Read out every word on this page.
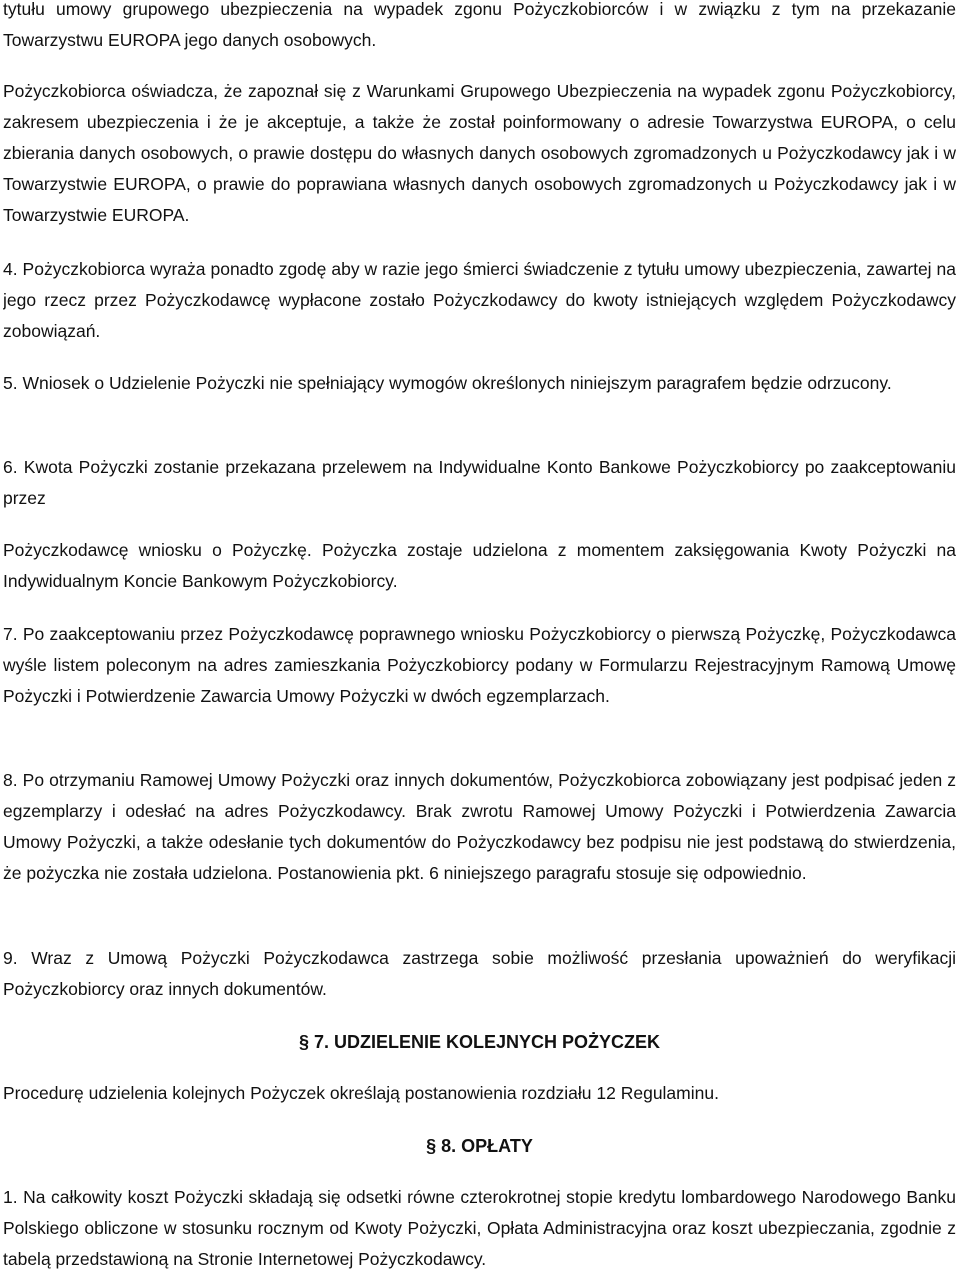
tytułu umowy grupowego ubezpieczenia na wypadek zgonu Pożyczkobiorców i w związku z tym na przekazanie Towarzystwu EUROPA jego danych osobowych.

Pożyczkobiorca oświadcza, że zapoznał się z Warunkami Grupowego Ubezpieczenia na wypadek zgonu Pożyczkobiorcy, zakresem ubezpieczenia i że je akceptuje, a także że został poinformowany o adresie Towarzystwa EUROPA, o celu zbierania danych osobowych, o prawie dostępu do własnych danych osobowych zgromadzonych u Pożyczkodawcy jak i w Towarzystwie EUROPA, o prawie do poprawiana własnych danych osobowych zgromadzonych u Pożyczkodawcy jak i w Towarzystwie EUROPA.

4. Pożyczkobiorca wyraża ponadto zgodę aby w razie jego śmierci świadczenie z tytułu umowy ubezpieczenia, zawartej na jego rzecz przez Pożyczkodawcę wypłacone zostało Pożyczkodawcy do kwoty istniejących względem Pożyczkodawcy zobowiązań.

5. Wniosek o Udzielenie Pożyczki nie spełniający wymogów określonych niniejszym paragrafem będzie odrzucony.

6. Kwota Pożyczki zostanie przekazana przelewem na Indywidualne Konto Bankowe Pożyczkobiorcy po zaakceptowaniu przez

Pożyczkodawcę wniosku o Pożyczkę. Pożyczka zostaje udzielona z momentem zaksięgowania Kwoty Pożyczki na Indywidualnym Koncie Bankowym Pożyczkobiorcy.

7. Po zaakceptowaniu przez Pożyczkodawcę poprawnego wniosku Pożyczkobiorcy o pierwszą Pożyczkę, Pożyczkodawca wyśle listem poleconym na adres zamieszkania Pożyczkobiorcy podany w Formularzu Rejestracyjnym Ramową Umowę Pożyczki i Potwierdzenie Zawarcia Umowy Pożyczki w dwóch egzemplarzach.

8. Po otrzymaniu Ramowej Umowy Pożyczki oraz innych dokumentów, Pożyczkobiorca zobowiązany jest podpisać jeden z egzemplarzy i odesłać na adres Pożyczkodawcy. Brak zwrotu Ramowej Umowy Pożyczki i Potwierdzenia Zawarcia Umowy Pożyczki, a także odesłanie tych dokumentów do Pożyczkodawcy bez podpisu nie jest podstawą do stwierdzenia, że pożyczka nie została udzielona. Postanowienia pkt. 6 niniejszego paragrafu stosuje się odpowiednio.

9. Wraz z Umową Pożyczki Pożyczkodawca zastrzega sobie możliwość przesłania upoważnień do weryfikacji Pożyczkobiorcy oraz innych dokumentów.

§ 7. UDZIELENIE KOLEJNYCH POŻYCZEK

Procedurę udzielenia kolejnych Pożyczek określają postanowienia rozdziału 12 Regulaminu.

§ 8. OPŁATY

1. Na całkowity koszt Pożyczki składają się odsetki równe czterokrotnej stopie kredytu lombardowego Narodowego Banku Polskiego obliczone w stosunku rocznym od Kwoty Pożyczki, Opłata Administracyjna oraz koszt ubezpieczania, zgodnie z tabelą przedstawioną na Stronie Internetowej Pożyczkodawcy.
